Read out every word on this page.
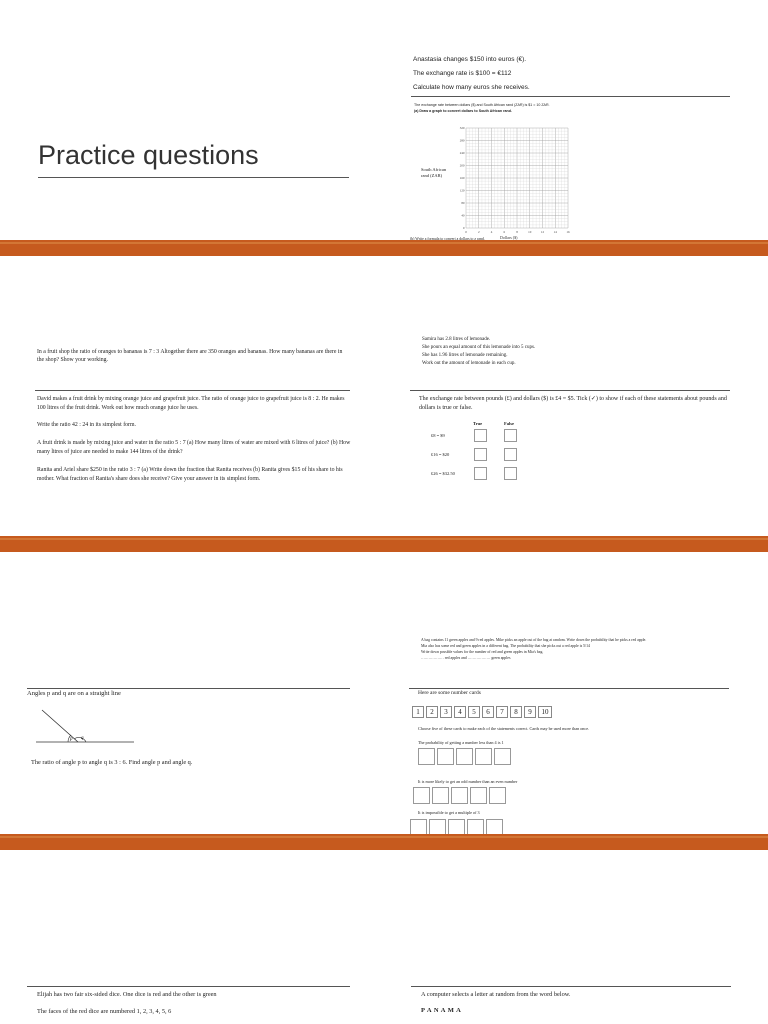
Practice questions
Anastasia changes $150 into euros (€).
The exchange rate is $100 = €112
Calculate how many euros she receives.
The exchange rate between dollars ($) and South African rand (ZAR) is $1 = 10 ZAR.
(a) Draw a graph to convert dollars to South African rand.
South African
rand (ZAR)
0
40
80
120
160
200
240
280
320
0	2	4	6	8	10	12	14	16
Dollars ($)
(b) Write a formula to convert a dollars to z rand.
In a fruit shop the ratio of oranges to bananas is 7 : 3 Altogether there are 350 oranges and bananas. How many bananas are there in the shop? Show your working.
David makes a fruit drink by mixing orange juice and grapefruit juice. The ratio of orange juice to grapefruit juice is 8 : 2. He makes 100 litres of the fruit drink. Work out how much orange juice he uses.
Write the ratio 42 : 24 in its simplest form.
A fruit drink is made by mixing juice and water in the ratio 5 : 7 (a) How many litres of water are mixed with 6 litres of juice? (b) How many litres of juice are needed to make 144 litres of the drink?
Ranita and Ariel share $250 in the ratio 3 : 7 (a) Write down the fraction that Ranita receives (b) Ranita gives $15 of his share to his mother. What fraction of Ranita's share does she receive? Give your answer in its simplest form.
Samira has 2.8 litres of lemonade.
She pours an equal amount of this lemonade into 5 cups.
She has 1.96 litres of lemonade remaining.
Work out the amount of lemonade in each cup.
The exchange rate between pounds (£) and dollars ($) is £4 = $5. Tick (✓) to show if each of these statements about pounds and dollars is true or false.
True	False
£8 = $9
£16 = $20
£26 = $32.50
Angles p and q are on a straight line
p q
The ratio of angle p to angle q is 3 : 6. Find angle p and angle q.
A bag contains 11 green apples and 9 red apples. Mike picks an apple out of the bag at random. Write down the probability that he picks a red apple.
Mia also has some red and green apples in a different bag. The probability that she picks out a red apple is 5/14
Write down possible values for the number of red and green apples in Mia's bag.
……………… red apples and ……………… green apples
Here are some number cards
1	2	3	4	5	6	7	8	9	10
Choose five of these cards to make each of the statements correct. Cards may be used more than once.
The probability of getting a number less than 4 is 1
It is more likely to get an odd number than an even number
It is impossible to get a multiple of 3
Elijah has two fair six-sided dice. One dice is red and the other is green
The faces of the red dice are numbered 1, 2, 3, 4, 5, 6
A computer selects a letter at random from the word below.
P A N A M A
